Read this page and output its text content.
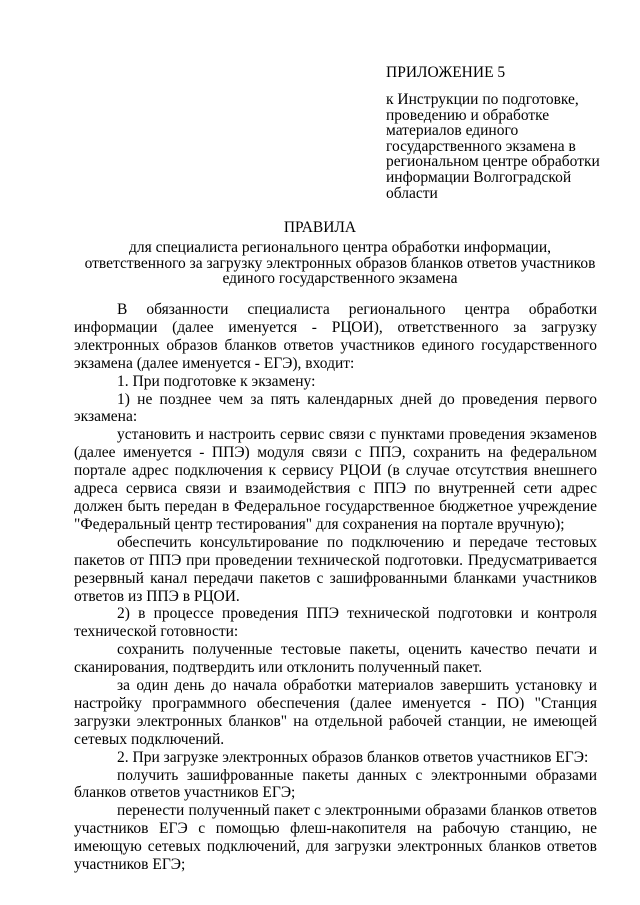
ПРИЛОЖЕНИЕ 5
к Инструкции по подготовке, проведению и обработке материалов единого государственного экзамена в региональном центре обработки информации Волгоградской области
ПРАВИЛА
для специалиста регионального центра обработки информации, ответственного за загрузку электронных образов бланков ответов участников единого государственного экзамена

В обязанности специалиста регионального центра обработки информации (далее именуется - РЦОИ), ответственного за загрузку электронных образов бланков ответов участников единого государственного экзамена (далее именуется - ЕГЭ), входит:

1. При подготовке к экзамену:

1) не позднее чем за пять календарных дней до проведения первого экзамена:

установить и настроить сервис связи с пунктами проведения экзаменов (далее именуется - ППЭ) модуля связи с ППЭ, сохранить на федеральном портале адрес подключения к сервису РЦОИ (в случае отсутствия внешнего адреса сервиса связи и взаимодействия с ППЭ по внутренней сети адрес должен быть передан в Федеральное государственное бюджетное учреждение "Федеральный центр тестирования" для сохранения на портале вручную);

обеспечить консультирование по подключению и передаче тестовых пакетов от ППЭ при проведении технической подготовки. Предусматривается резервный канал передачи пакетов с зашифрованными бланками участников ответов из ППЭ в РЦОИ.

2) в процессе проведения ППЭ технической подготовки и контроля технической готовности:

сохранить полученные тестовые пакеты, оценить качество печати и сканирования, подтвердить или отклонить полученный пакет.

за один день до начала обработки материалов завершить установку и настройку программного обеспечения (далее именуется - ПО) "Станция загрузки электронных бланков" на отдельной рабочей станции, не имеющей сетевых подключений.

2. При загрузке электронных образов бланков ответов участников ЕГЭ:

получить зашифрованные пакеты данных с электронными образами бланков ответов участников ЕГЭ;

перенести полученный пакет с электронными образами бланков ответов участников ЕГЭ с помощью флеш-накопителя на рабочую станцию, не имеющую сетевых подключений, для загрузки электронных бланков ответов участников ЕГЭ;
